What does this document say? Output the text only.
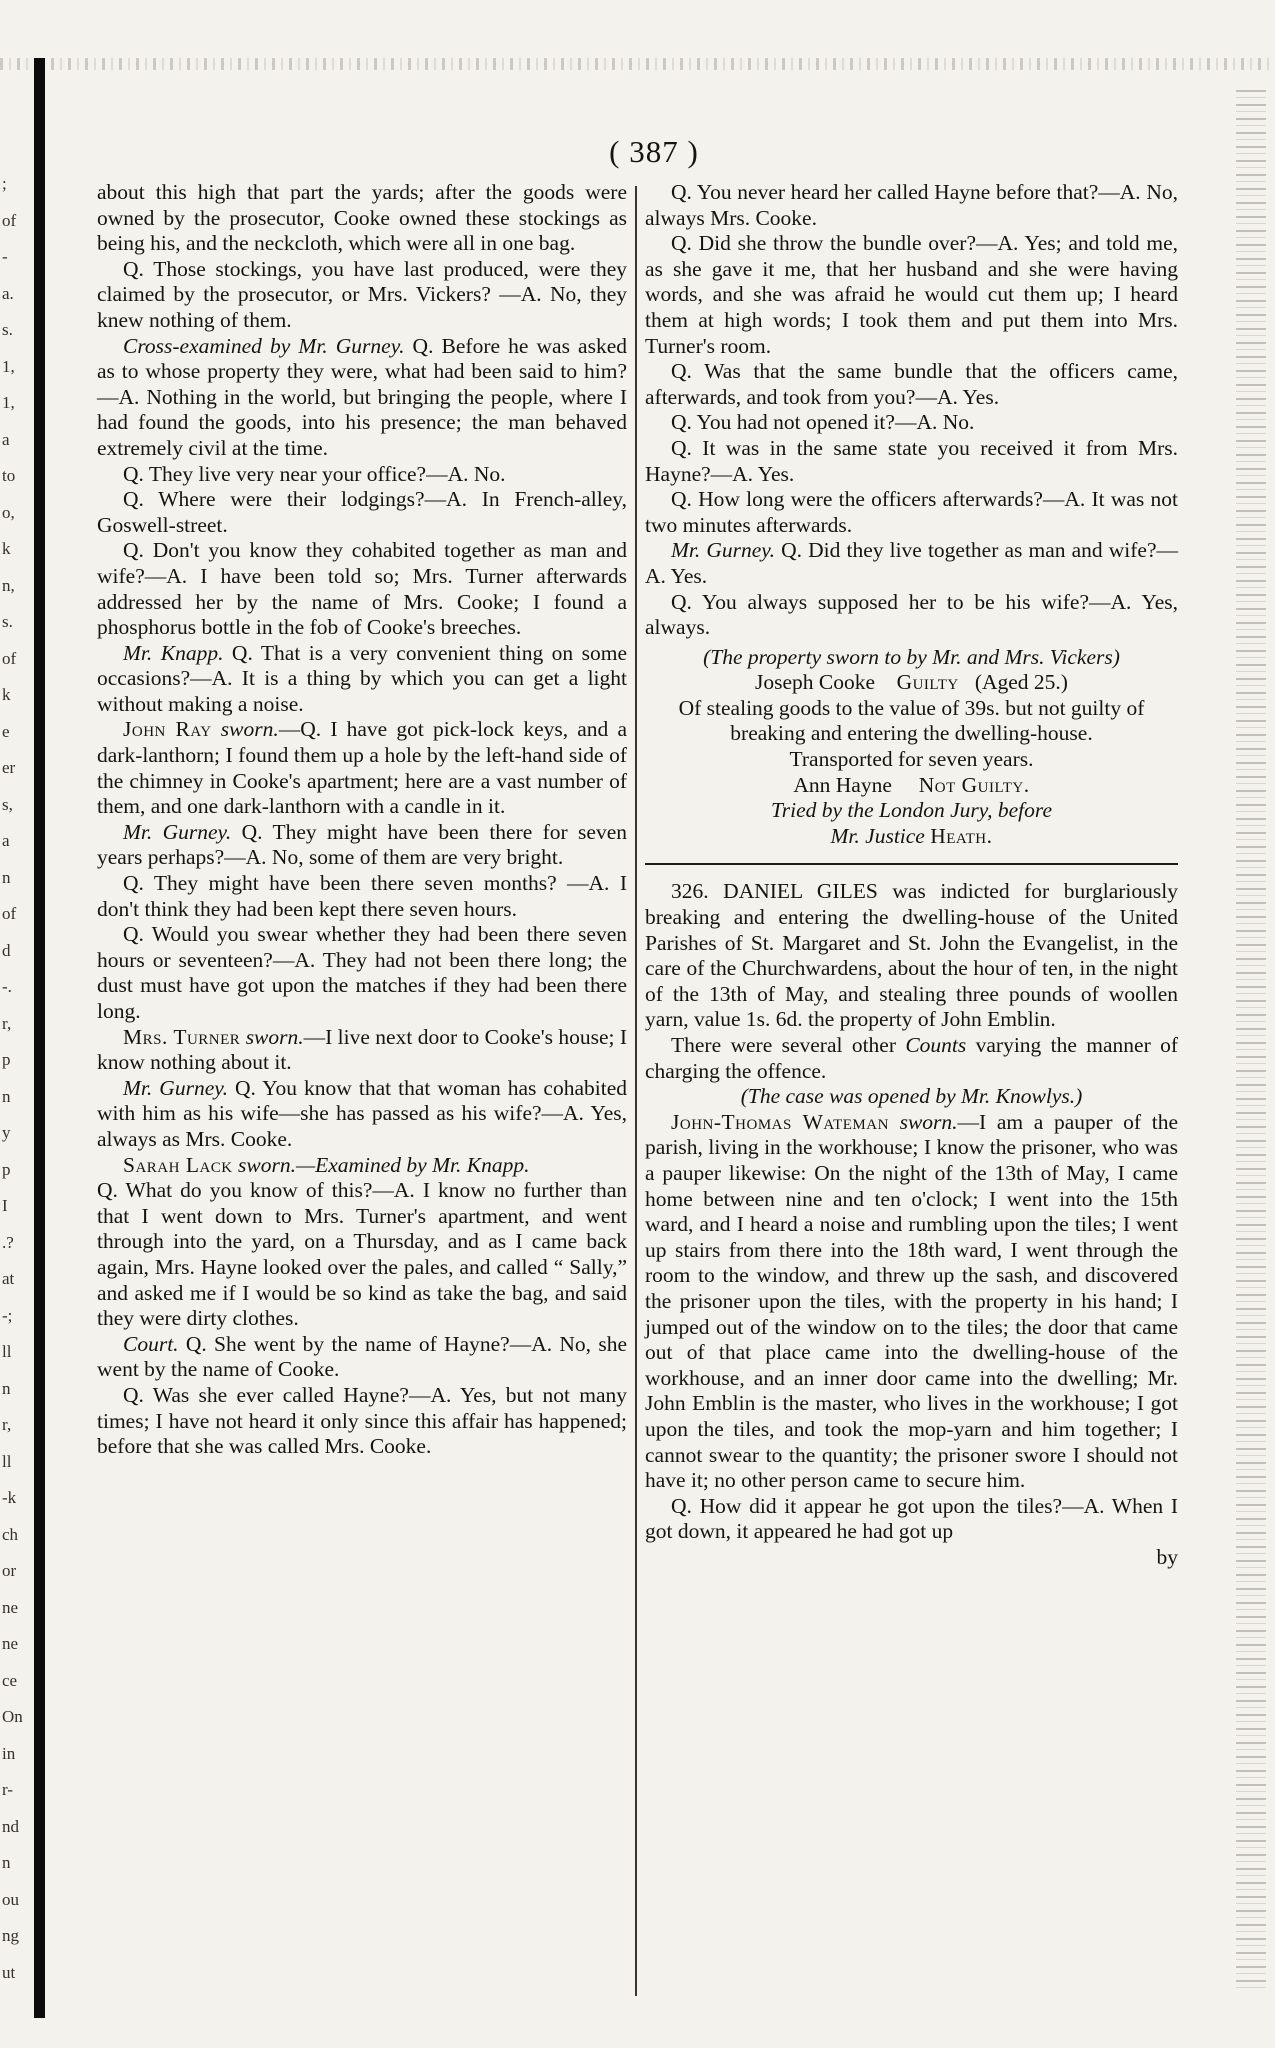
;
of
-
a.
s.
1,
1,
a
to
o,
k
n,
s.
of
k
e
er
s,
a
n
of
d
-.
r,
p
n
y
p
I
.?
at
-;
ll
n
r,
ll
-k
ch
or
ne
ne
ce
On
in
r-
nd
n
ou
ng
ut
( 387 )

about this high that part the yards; after the goods were owned by the prosecutor, Cooke owned these stockings as being his, and the neckcloth, which were all in one bag.

Q. Those stockings, you have last produced, were they claimed by the prosecutor, or Mrs. Vickers? —A. No, they knew nothing of them.

Cross-examined by Mr. Gurney. Q. Before he was asked as to whose property they were, what had been said to him?—A. Nothing in the world, but bringing the people, where I had found the goods, into his presence; the man behaved extremely civil at the time.

Q. They live very near your office?—A. No.

Q. Where were their lodgings?—A. In French-alley, Goswell-street.

Q. Don't you know they cohabited together as man and wife?—A. I have been told so; Mrs. Turner afterwards addressed her by the name of Mrs. Cooke; I found a phosphorus bottle in the fob of Cooke's breeches.

Mr. Knapp. Q. That is a very convenient thing on some occasions?—A. It is a thing by which you can get a light without making a noise.

John Ray sworn.—Q. I have got pick-lock keys, and a dark-lanthorn; I found them up a hole by the left-hand side of the chimney in Cooke's apartment; here are a vast number of them, and one dark-lanthorn with a candle in it.

Mr. Gurney. Q. They might have been there for seven years perhaps?—A. No, some of them are very bright.

Q. They might have been there seven months? —A. I don't think they had been kept there seven hours.

Q. Would you swear whether they had been there seven hours or seventeen?—A. They had not been there long; the dust must have got upon the matches if they had been there long.

Mrs. Turner sworn.—I live next door to Cooke's house; I know nothing about it.

Mr. Gurney. Q. You know that that woman has cohabited with him as his wife—she has passed as his wife?—A. Yes, always as Mrs. Cooke.

Sarah Lack sworn.—Examined by Mr. Knapp.

Q. What do you know of this?—A. I know no further than that I went down to Mrs. Turner's apartment, and went through into the yard, on a Thursday, and as I came back again, Mrs. Hayne looked over the pales, and called “ Sally,” and asked me if I would be so kind as take the bag, and said they were dirty clothes.

Court. Q. She went by the name of Hayne?—A. No, she went by the name of Cooke.

Q. Was she ever called Hayne?—A. Yes, but not many times; I have not heard it only since this affair has happened; before that she was called Mrs. Cooke.

Q. You never heard her called Hayne before that?—A. No, always Mrs. Cooke.

Q. Did she throw the bundle over?—A. Yes; and told me, as she gave it me, that her husband and she were having words, and she was afraid he would cut them up; I heard them at high words; I took them and put them into Mrs. Turner's room.

Q. Was that the same bundle that the officers came, afterwards, and took from you?—A. Yes.

Q. You had not opened it?—A. No.

Q. It was in the same state you received it from Mrs. Hayne?—A. Yes.

Q. How long were the officers afterwards?—A. It was not two minutes afterwards.

Mr. Gurney. Q. Did they live together as man and wife?—A. Yes.

Q. You always supposed her to be his wife?—A. Yes, always.

(The property sworn to by Mr. and Mrs. Vickers)

Joseph Cooke Guilty (Aged 25.)

Of stealing goods to the value of 39s. but not guilty of breaking and entering the dwelling-house.

Transported for seven years.

Ann Hayne Not Guilty.

Tried by the London Jury, before

Mr. Justice Heath.

326. DANIEL GILES was indicted for burglariously breaking and entering the dwelling-house of the United Parishes of St. Margaret and St. John the Evangelist, in the care of the Churchwardens, about the hour of ten, in the night of the 13th of May, and stealing three pounds of woollen yarn, value 1s. 6d. the property of John Emblin.

There were several other Counts varying the manner of charging the offence.

(The case was opened by Mr. Knowlys.)

John-Thomas Wateman sworn.—I am a pauper of the parish, living in the workhouse; I know the prisoner, who was a pauper likewise: On the night of the 13th of May, I came home between nine and ten o'clock; I went into the 15th ward, and I heard a noise and rumbling upon the tiles; I went up stairs from there into the 18th ward, I went through the room to the window, and threw up the sash, and discovered the prisoner upon the tiles, with the property in his hand; I jumped out of the window on to the tiles; the door that came out of that place came into the dwelling-house of the workhouse, and an inner door came into the dwelling; Mr. John Emblin is the master, who lives in the workhouse; I got upon the tiles, and took the mop-yarn and him together; I cannot swear to the quantity; the prisoner swore I should not have it; no other person came to secure him.

Q. How did it appear he got upon the tiles?—A. When I got down, it appeared he had got up

by
